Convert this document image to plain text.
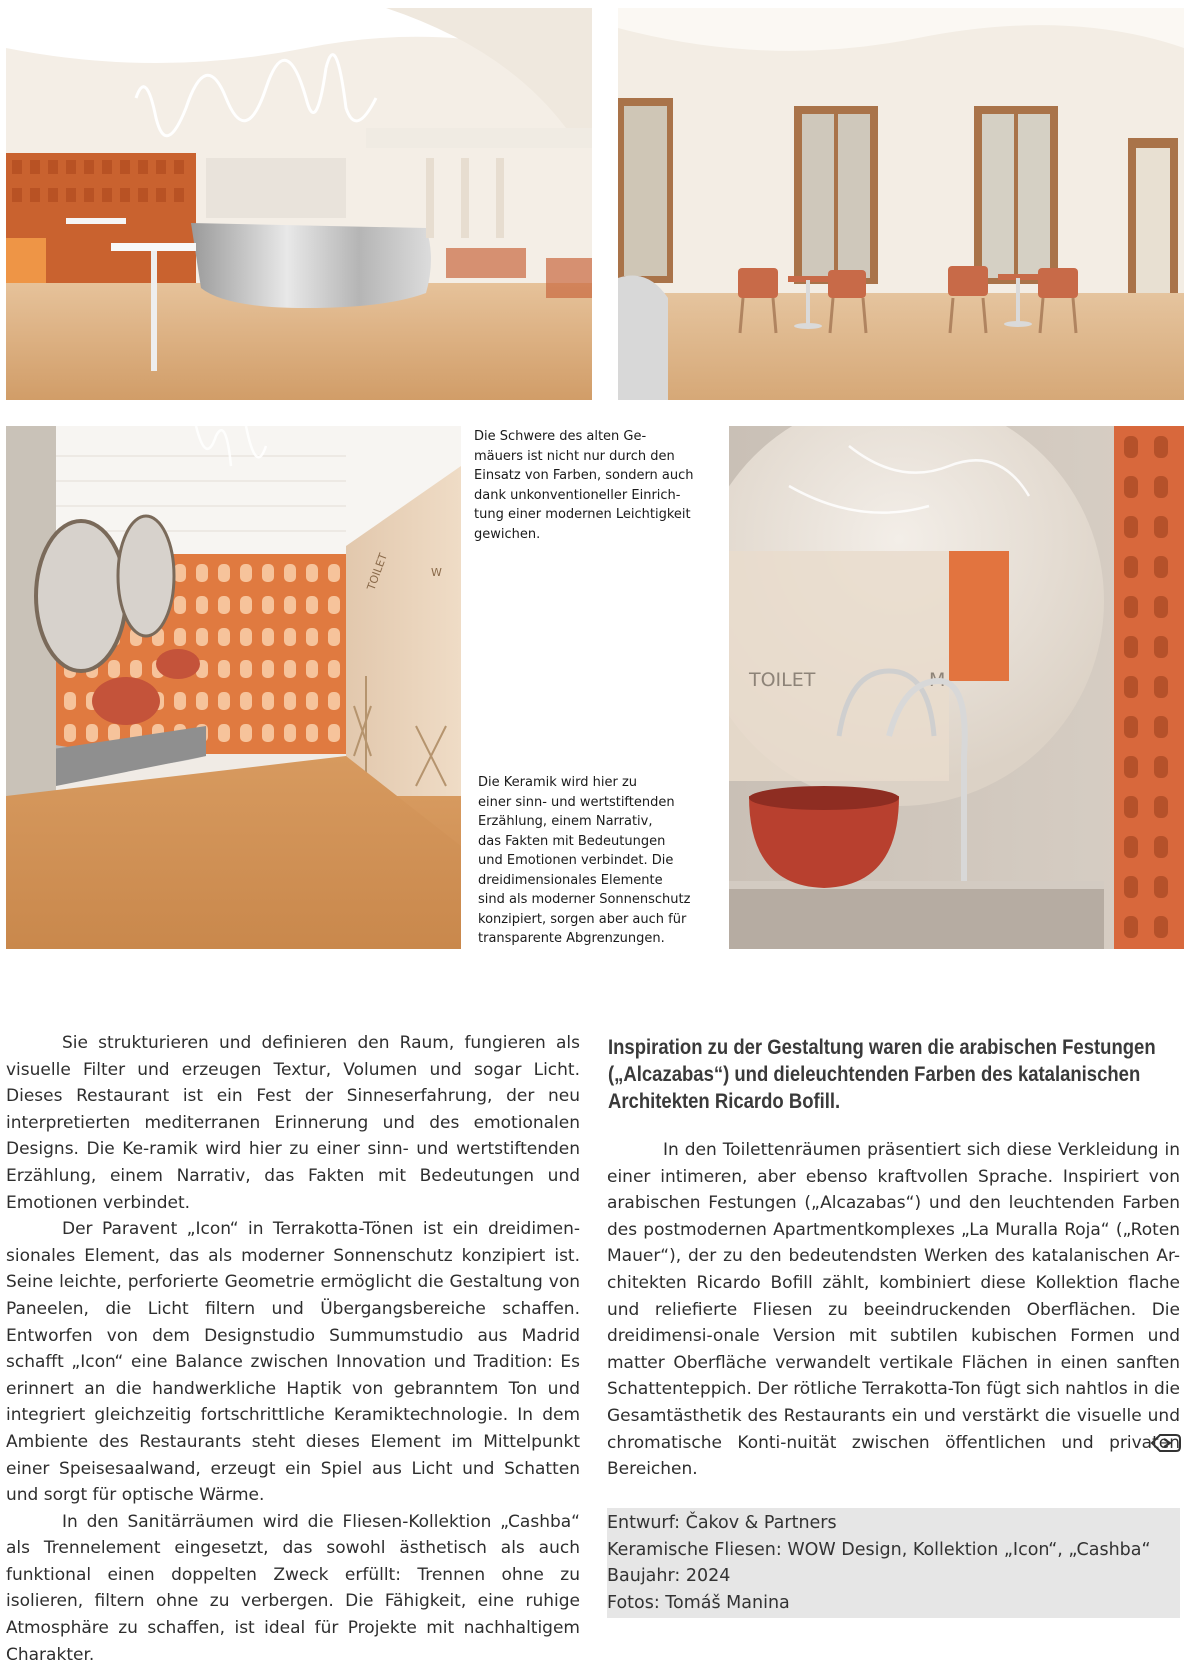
TOILET	W
TOILET	M
Die Schwere des alten Ge-
mäuers ist nicht nur durch den
Einsatz von Farben, sondern auch
dank unkonventioneller Einrich-
tung einer modernen Leichtigkeit
gewichen.
Die Keramik wird hier zu
einer sinn- und wertstiftenden
Erzählung, einem Narrativ,
das Fakten mit Bedeutungen
und Emotionen verbindet. Die
dreidimensionales Elemente
sind als moderner Sonnenschutz
konzipiert, sorgen aber auch für
transparente Abgrenzungen.

Sie strukturieren und definieren den Raum, fungieren als visuelle Filter und erzeugen Textur, Volumen und sogar Licht. Dieses Restaurant ist ein Fest der Sinneserfahrung, der neu interpretierten mediterranen Erinnerung und des emotionalen Designs. Die Ke-ramik wird hier zu einer sinn- und wertstiftenden Erzählung, einem Narrativ, das Fakten mit Bedeutungen und Emotionen verbindet.

Der Paravent „Icon“ in Terrakotta-Tönen ist ein dreidimen-sionales Element, das als moderner Sonnenschutz konzipiert ist. Seine leichte, perforierte Geometrie ermöglicht die Gestaltung von Paneelen, die Licht filtern und Übergangsbereiche schaffen. Entworfen von dem Designstudio Summumstudio aus Madrid schafft „Icon“ eine Balance zwischen Innovation und Tradition: Es erinnert an die handwerkliche Haptik von gebranntem Ton und integriert gleichzeitig fortschrittliche Keramiktechnologie. In dem Ambiente des Restaurants steht dieses Element im Mittelpunkt einer Speisesaalwand, erzeugt ein Spiel aus Licht und Schatten und sorgt für optische Wärme.

In den Sanitärräumen wird die Fliesen-Kollektion „Cashba“ als Trennelement eingesetzt, das sowohl ästhetisch als auch funktional einen doppelten Zweck erfüllt: Trennen ohne zu isolieren, filtern ohne zu verbergen. Die Fähigkeit, eine ruhige Atmosphäre zu schaffen, ist ideal für Projekte mit nachhaltigem Charakter.

Inspiration zu der Gestaltung waren die arabischen Festungen („Alcazabas“) und dieleuchtenden Farben des katalanischen Architekten Ricardo Bofill.

In den Toilettenräumen präsentiert sich diese Verkleidung in einer intimeren, aber ebenso kraftvollen Sprache. Inspiriert von arabischen Festungen („Alcazabas“) und den leuchtenden Farben des postmodernen Apartmentkomplexes „La Muralla Roja“ („Roten Mauer“), der zu den bedeutendsten Werken des katalanischen Ar-chitekten Ricardo Bofill zählt, kombiniert diese Kollektion flache und reliefierte Fliesen zu beeindruckenden Oberflächen. Die dreidimensi-onale Version mit subtilen kubischen Formen und matter Oberfläche verwandelt vertikale Flächen in einen sanften Schattenteppich. Der rötliche Terrakotta-Ton fügt sich nahtlos in die Gesamtästhetik des Restaurants ein und verstärkt die visuelle und chromatische Konti-nuität zwischen öffentlichen und privaten Bereichen.

Entwurf: Čakov & Partners
Keramische Fliesen: WOW Design, Kollektion „Icon“, „Cashba“
Baujahr: 2024
Fotos: Tomáš Manina
